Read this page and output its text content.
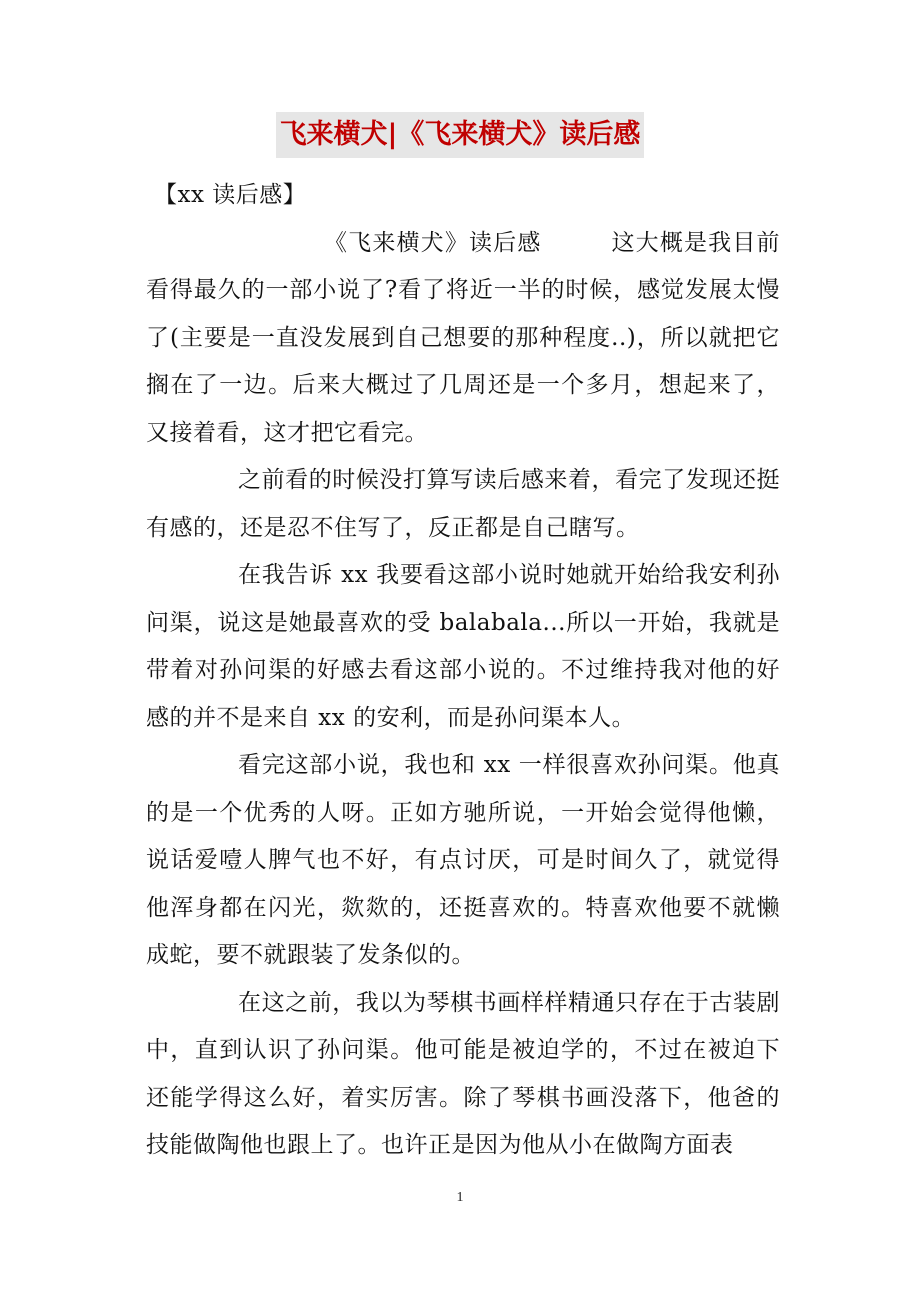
飞来横犬|《飞来横犬》读后感

【xx 读后感】

《飞来横犬》读后感	这大概是我目前看得最久的一部小说了?看了将近一半的时候，感觉发展太慢了(主要是一直没发展到自己想要的那种程度..)，所以就把它搁在了一边。后来大概过了几周还是一个多月，想起来了，又接着看，这才把它看完。

之前看的时候没打算写读后感来着，看完了发现还挺有感的，还是忍不住写了，反正都是自己瞎写。

在我告诉 xx 我要看这部小说时她就开始给我安利孙问渠，说这是她最喜欢的受 balabala...所以一开始，我就是带着对孙问渠的好感去看这部小说的。不过维持我对他的好感的并不是来自 xx 的安利，而是孙问渠本人。

看完这部小说，我也和 xx 一样很喜欢孙问渠。他真的是一个优秀的人呀。正如方驰所说，一开始会觉得他懒，说话爱噎人脾气也不好，有点讨厌，可是时间久了，就觉得他浑身都在闪光，欻欻的，还挺喜欢的。特喜欢他要不就懒成蛇，要不就跟装了发条似的。

在这之前，我以为琴棋书画样样精通只存在于古装剧中，直到认识了孙问渠。他可能是被迫学的，不过在被迫下还能学得这么好，着实厉害。除了琴棋书画没落下，他爸的技能做陶他也跟上了。也许正是因为他从小在做陶方面表

1
